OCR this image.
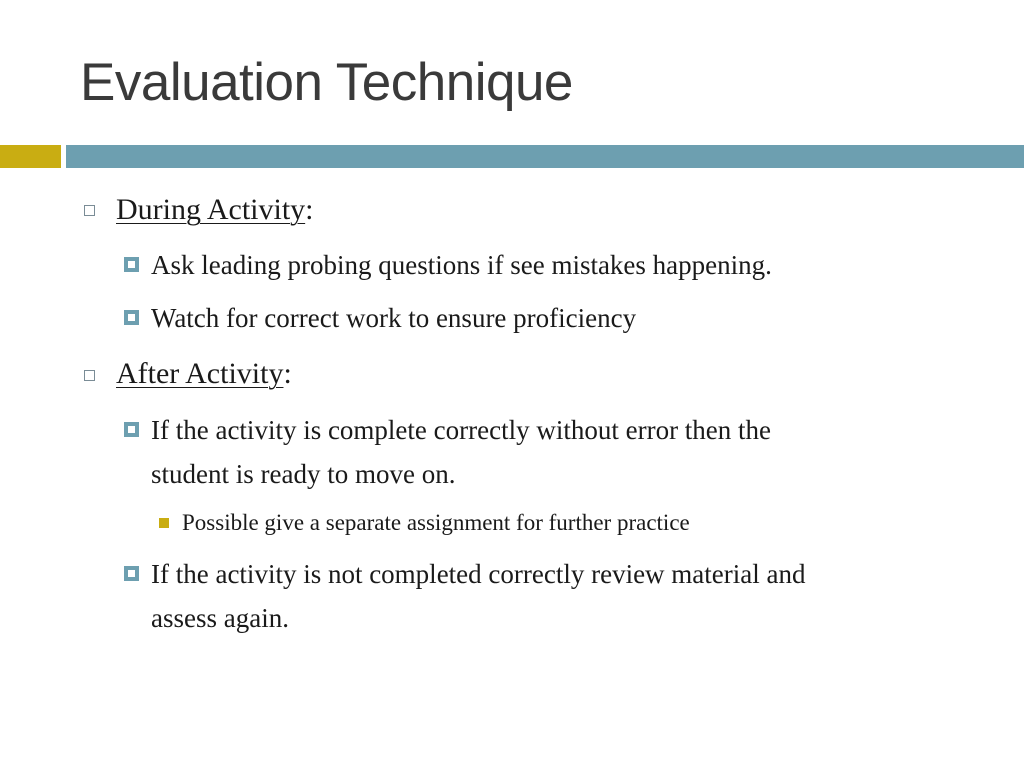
Evaluation Technique
During Activity:
Ask leading probing questions if see mistakes happening.
Watch for correct work to ensure proficiency
After Activity:
If the activity is complete correctly without error then the
student is ready to move on.
Possible give a separate assignment for further practice
If the activity is not completed correctly review material and
assess again.
